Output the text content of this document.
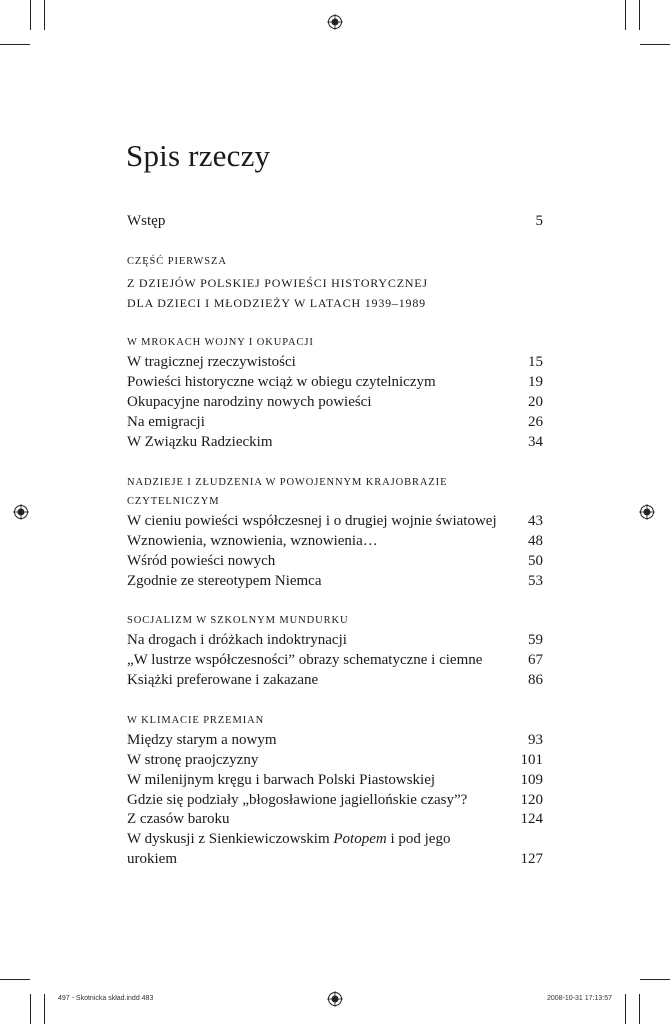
Spis rzeczy
Wstęp	5
CZĘŚĆ PIERWSZA
Z DZIEJÓW POLSKIEJ POWIEŚCI HISTORYCZNEJ
DLA DZIECI I MŁODZIEŻY W LATACH 1939–1989
W MROKACH WOJNY I OKUPACJI
W tragicznej rzeczywistości	15
Powieści historyczne wciąż w obiegu czytelniczym	19
Okupacyjne narodziny nowych powieści	20
Na emigracji	26
W Związku Radzieckim	34
NADZIEJE I ZŁUDZENIA W POWOJENNYM KRAJOBRAZIE
CZYTELNICZYM
W cieniu powieści współczesnej i o drugiej wojnie światowej 43
Wznowienia, wznowienia, wznowienia…	48
Wśród powieści nowych	50
Zgodnie ze stereotypem Niemca	53
SOCJALIZM W SZKOLNYM MUNDURKU
Na drogach i dróżkach indoktrynacji	59
„W lustrze współczesności” obrazy schematyczne i ciemne	67
Książki preferowane i zakazane	86
W KLIMACIE PRZEMIAN
Między starym a nowym	93
W stronę praojczyzny	101
W milenijnym kręgu i barwach Polski Piastowskiej	109
Gdzie się podziały „błogosławione jagiellońskie czasy”?	120
Z czasów baroku	124
W dyskusji z Sienkiewiczowskim Potopem i pod jego
urokiem	127
497 - Skotnicka skład.indd 483	2008-10-31 17:13:57
